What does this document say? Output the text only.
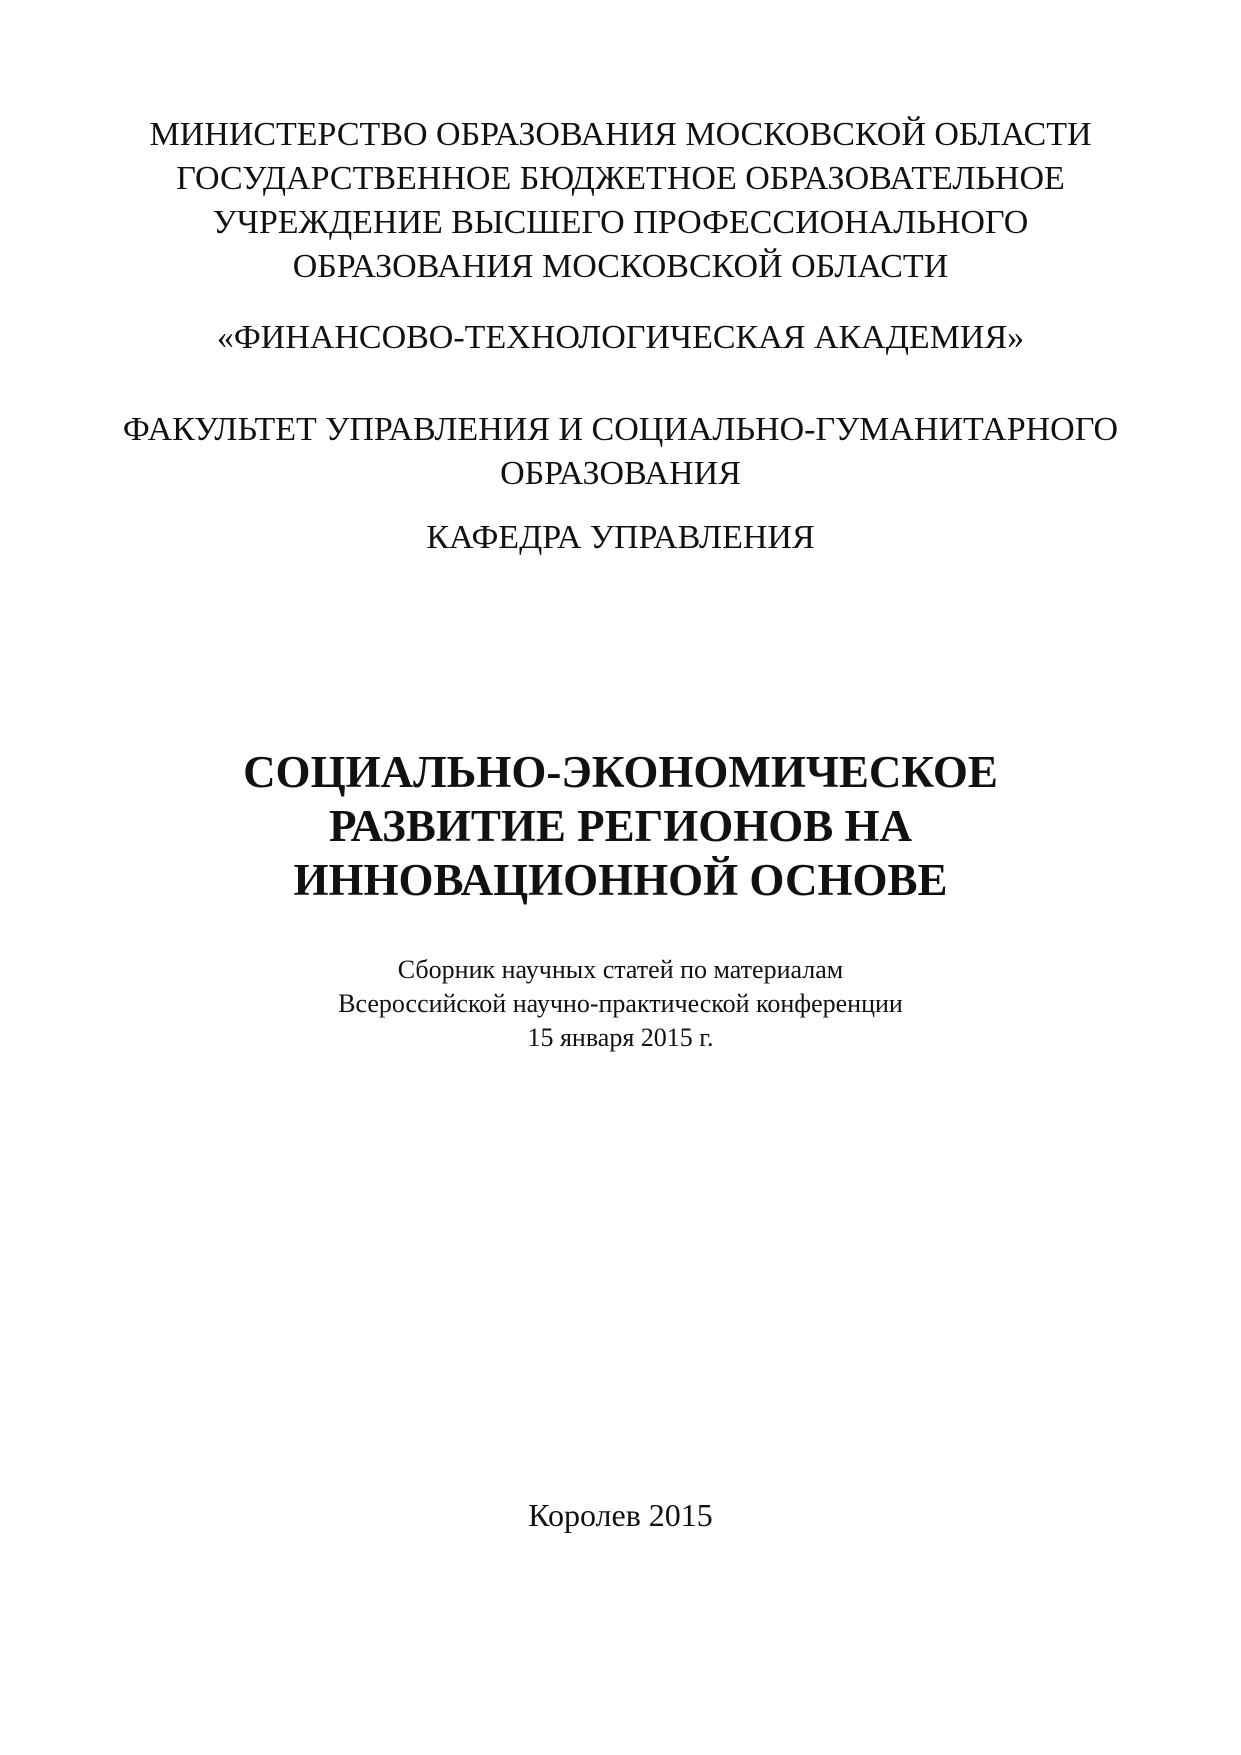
МИНИСТЕРСТВО ОБРАЗОВАНИЯ МОСКОВСКОЙ ОБЛАСТИ
ГОСУДАРСТВЕННОЕ БЮДЖЕТНОЕ ОБРАЗОВАТЕЛЬНОЕ
УЧРЕЖДЕНИЕ ВЫСШЕГО ПРОФЕССИОНАЛЬНОГО
ОБРАЗОВАНИЯ МОСКОВСКОЙ ОБЛАСТИ
«ФИНАНСОВО-ТЕХНОЛОГИЧЕСКАЯ АКАДЕМИЯ»
ФАКУЛЬТЕТ УПРАВЛЕНИЯ И СОЦИАЛЬНО-ГУМАНИТАРНОГО
ОБРАЗОВАНИЯ
КАФЕДРА УПРАВЛЕНИЯ
СОЦИАЛЬНО-ЭКОНОМИЧЕСКОЕ
РАЗВИТИЕ РЕГИОНОВ НА
ИННОВАЦИОННОЙ ОСНОВЕ
Сборник научных статей по материалам
Всероссийской научно-практической конференции
15 января 2015 г.
Королев 2015
